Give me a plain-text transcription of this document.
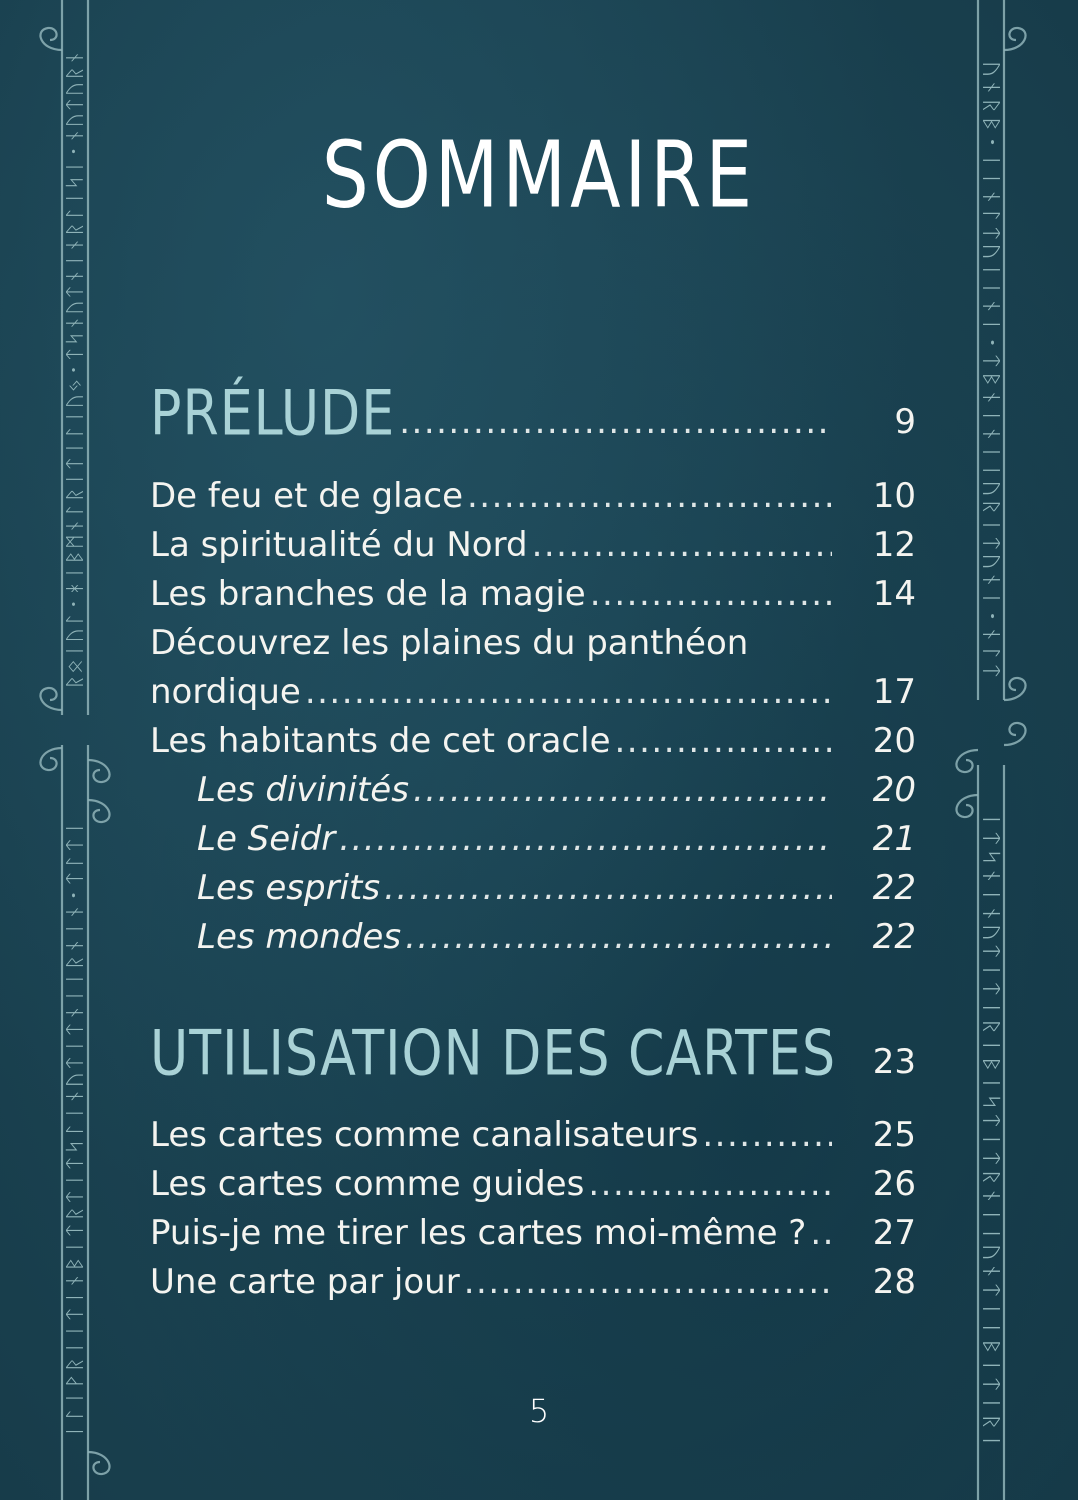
ᚱᛟᛁᚢᛚ᛫ᚼᛁᛒᛗᚾᛚᚱᛁᛏᛁᛚᛁᚢᛃ᛫ᛏᛋᚾᚢᛏᚾᛁᚾᚱᛚᛁᛋᛁ᛫ᚾᚢᛏᚢᚱᚾ
ᛁᛚᛁᚹᚱᛁᛁᛏᛁᚾᛒᛁᛏᚱᛏᛁᛏᛋᛚᛁᚾᚢᛏᛁᛏᚾᛁᛁᚱᚾᛁᚾ᛫ᛏᛚᛏᛁ
ᚢᚾᚱᛒ᛫ᛁᛁᚾᛚᛏᚢᛁᛁᚾᛁ᛫ᛏᛒᚾᛁᚾᛁᛁᚢᚱᛁᛏᚢᚾᛁ᛫ᚾᛚᛏ
ᛁᛏᛋᚾᛁᚾᚢᛏᛁᛏᛁᚱᛁᛒᛁᛋᛏᛁᛏᚱᚾᛁᛁᚢᚾᛏᛁᛁᛒᛁᛏᛁᚱᛁ
SOMMAIRE
PRÉLUDE .....	9
De feu et de glace .....	10
La spiritualité du Nord .....	12
Les branches de la magie .....	14
Découvrez les plaines du panthéon
nordique .....	17
Les habitants de cet oracle .....	20
Les divinités .....	20
Le Seidr .....	21
Les esprits .....	22
Les mondes .....	22
UTILISATION DES CARTES	23
Les cartes comme canalisateurs .....	25
Les cartes comme guides .....	26
Puis-je me tirer les cartes moi-même ? .....	27
Une carte par jour .....	28
5
